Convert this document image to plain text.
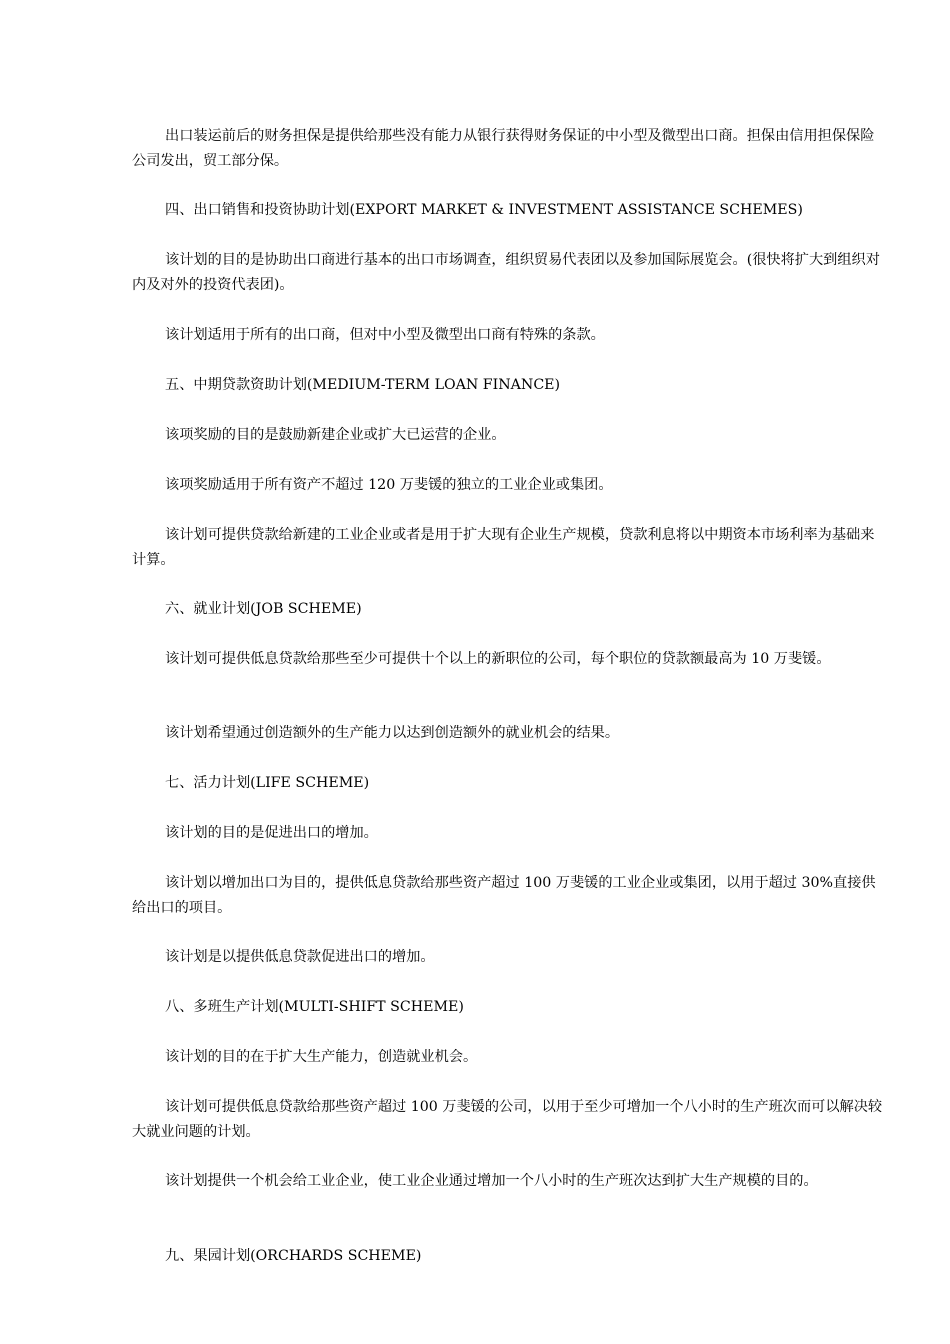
出口装运前后的财务担保是提供给那些没有能力从银行获得财务保证的中小型及微型出口商。担保由信用担保保险公司发出，贸工部分保。

四、出口销售和投资协助计划(EXPORT MARKET & INVESTMENT ASSISTANCE SCHEMES)

该计划的目的是协助出口商进行基本的出口市场调查，组织贸易代表团以及参加国际展览会。(很快将扩大到组织对内及对外的投资代表团)。

该计划适用于所有的出口商，但对中小型及微型出口商有特殊的条款。

五、中期贷款资助计划(MEDIUM-TERM LOAN FINANCE)

该项奖励的目的是鼓励新建企业或扩大已运营的企业。

该项奖励适用于所有资产不超过 120 万斐锾的独立的工业企业或集团。

该计划可提供贷款给新建的工业企业或者是用于扩大现有企业生产规模，贷款利息将以中期资本市场利率为基础来计算。

六、就业计划(JOB SCHEME)

该计划可提供低息贷款给那些至少可提供十个以上的新职位的公司，每个职位的贷款额最高为 10 万斐锾。

该计划希望通过创造额外的生产能力以达到创造额外的就业机会的结果。

七、活力计划(LIFE SCHEME)

该计划的目的是促进出口的增加。

该计划以增加出口为目的，提供低息贷款给那些资产超过 100 万斐锾的工业企业或集团，以用于超过 30%直接供给出口的项目。

该计划是以提供低息贷款促进出口的增加。

八、多班生产计划(MULTI-SHIFT SCHEME)

该计划的目的在于扩大生产能力，创造就业机会。

该计划可提供低息贷款给那些资产超过 100 万斐锾的公司，以用于至少可增加一个八小时的生产班次而可以解决较大就业问题的计划。

该计划提供一个机会给工业企业，使工业企业通过增加一个八小时的生产班次达到扩大生产规模的目的。

九、果园计划(ORCHARDS SCHEME)
